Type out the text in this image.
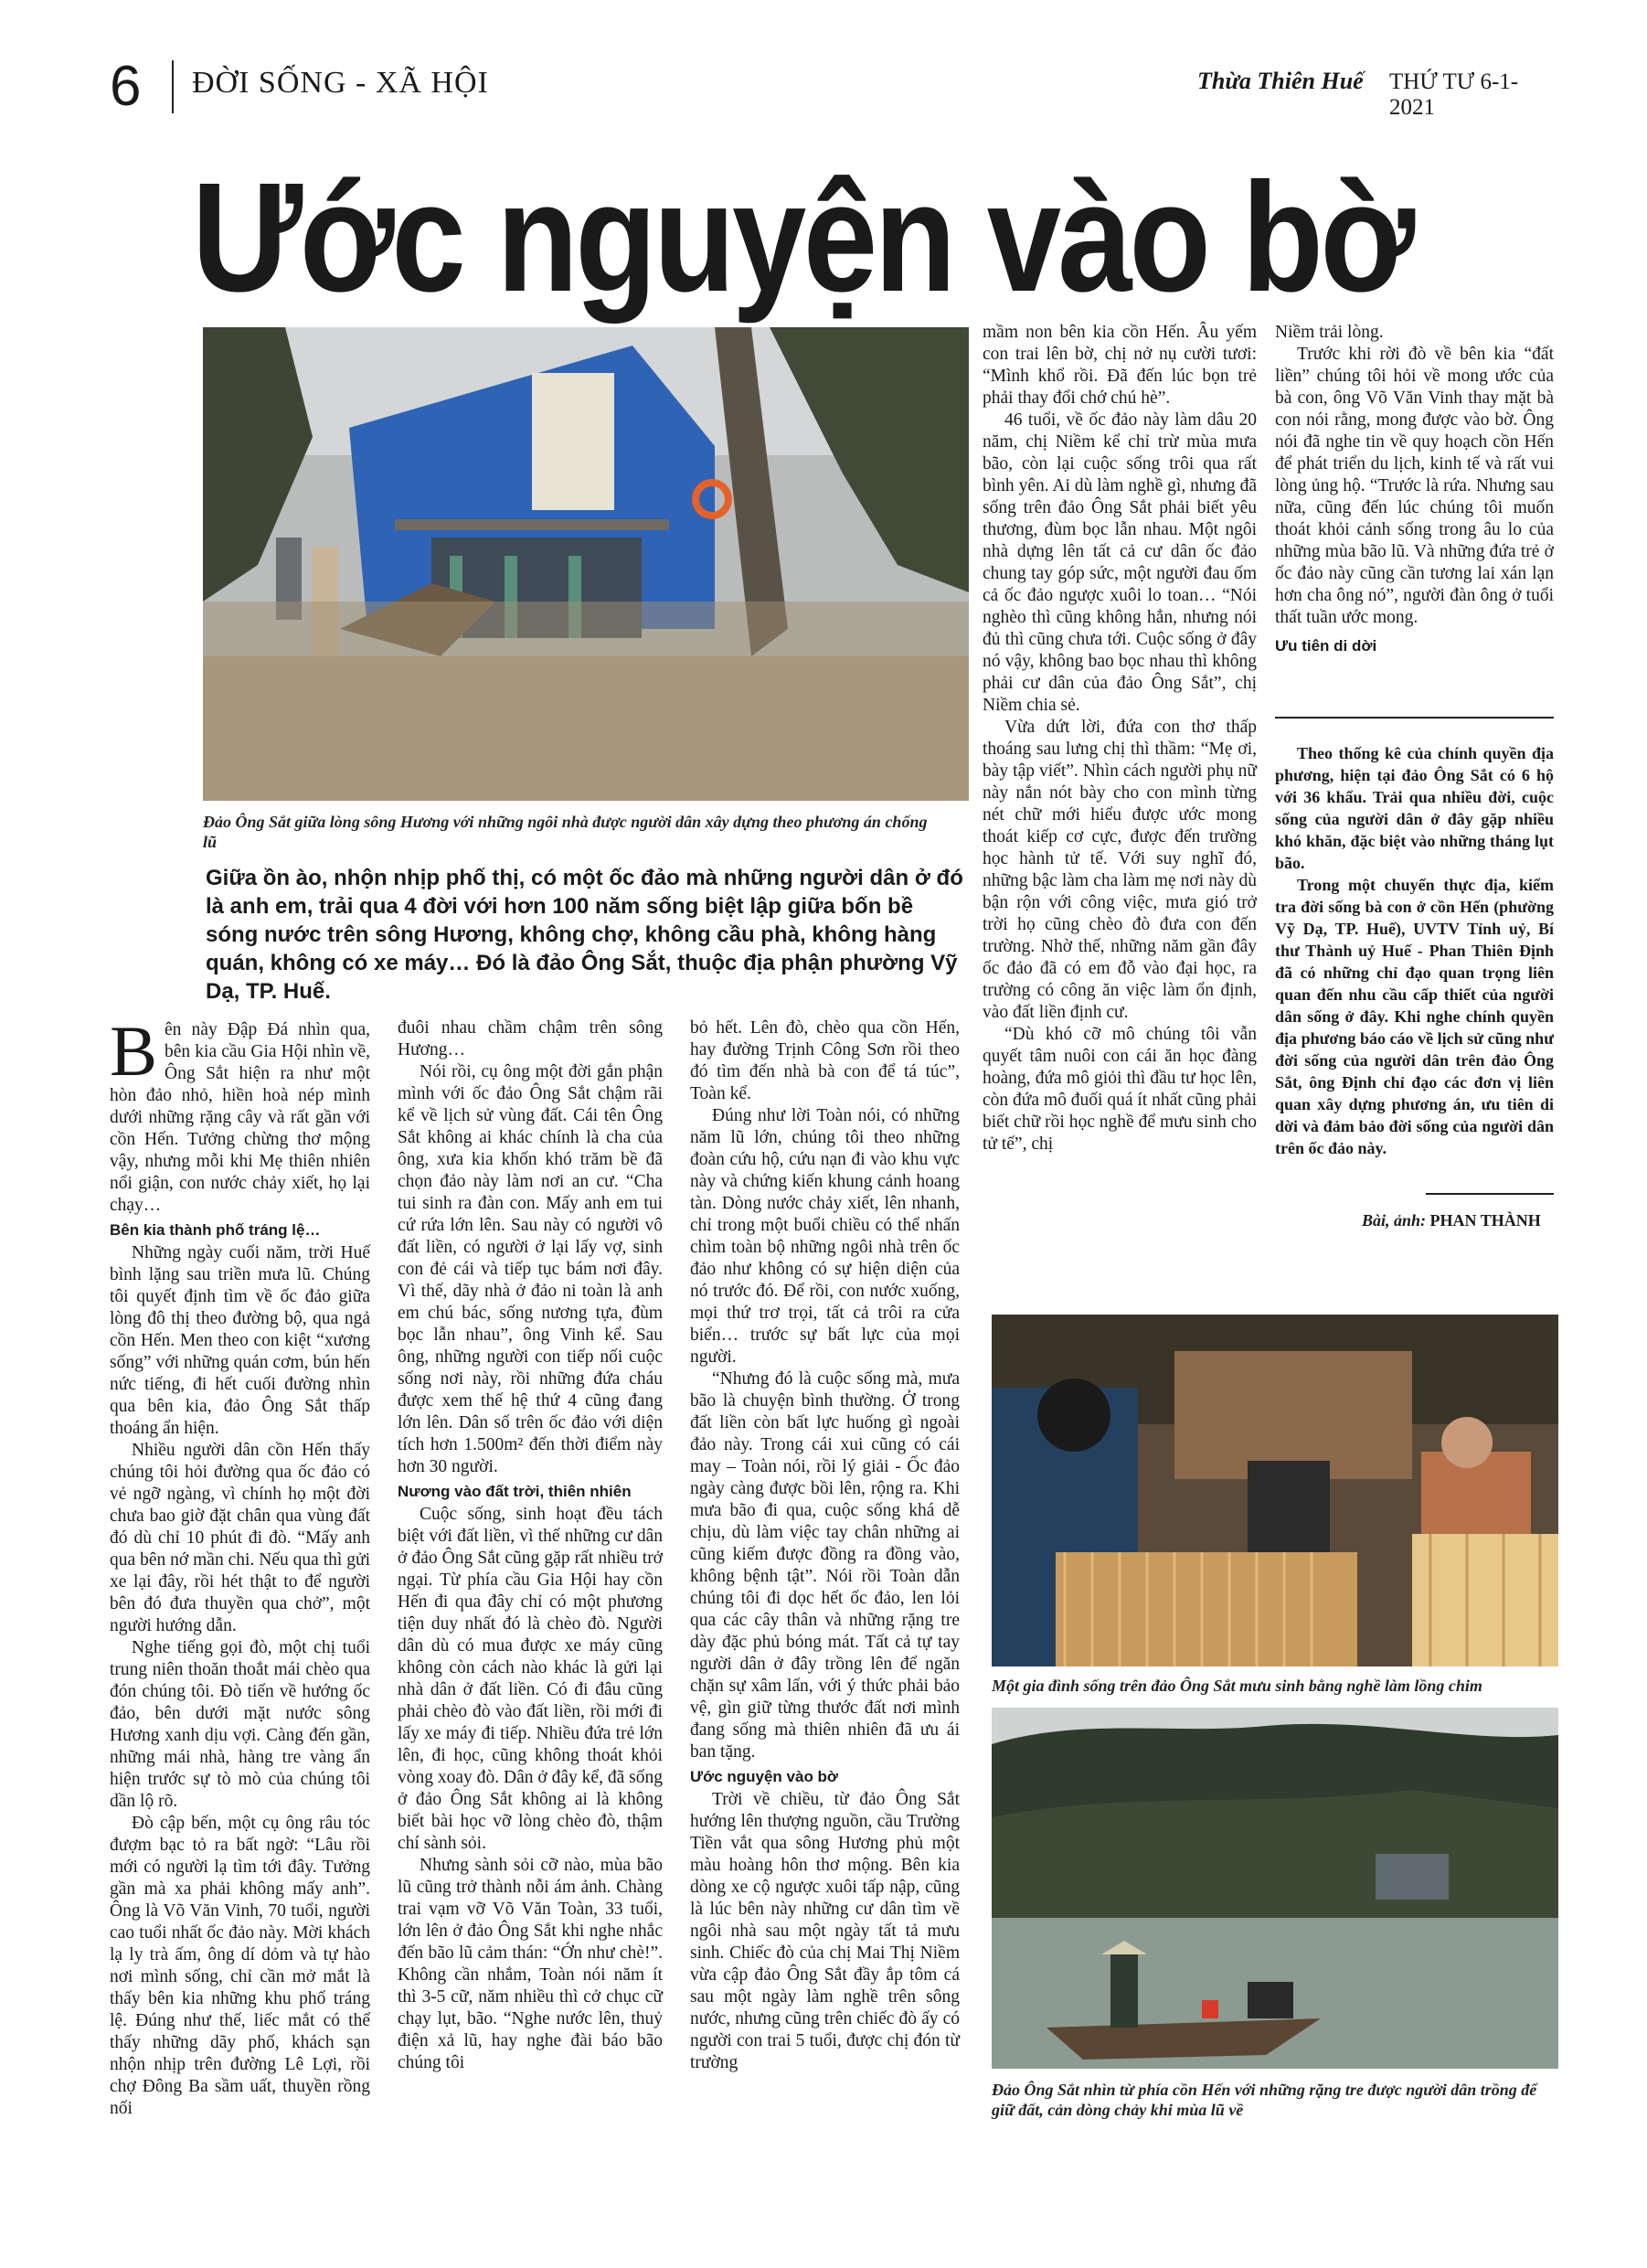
6 ĐỜI SỐNG - XÃ HỘI	Thừa Thiên Huế THỨ TƯ 6-1-2021
Ước nguyện vào bờ
Đảo Ông Sắt giữa lòng sông Hương với những ngôi nhà được người dân xây dựng theo phương án chống lũ
Giữa ồn ào, nhộn nhịp phố thị, có một ốc đảo mà những người dân ở đó là anh em, trải qua 4 đời với hơn 100 năm sống biệt lập giữa bốn bề sóng nước trên sông Hương, không chợ, không cầu phà, không hàng quán, không có xe máy… Đó là đảo Ông Sắt, thuộc địa phận phường Vỹ Dạ, TP. Huế.

Bên này Đập Đá nhìn qua, bên kia cầu Gia Hội nhìn về, Ông Sắt hiện ra như một hòn đảo nhỏ, hiền hoà nép mình dưới những rặng cây và rất gần với cồn Hến. Tưởng chừng thơ mộng vậy, nhưng mỗi khi Mẹ thiên nhiên nổi giận, con nước chảy xiết, họ lại chạy…

Bên kia thành phố tráng lệ…

Những ngày cuối năm, trời Huế bình lặng sau triền mưa lũ. Chúng tôi quyết định tìm về ốc đảo giữa lòng đô thị theo đường bộ, qua ngả cồn Hến. Men theo con kiệt “xương sống” với những quán cơm, bún hến nức tiếng, đi hết cuối đường nhìn qua bên kia, đảo Ông Sắt thấp thoáng ẩn hiện.

Nhiều người dân cồn Hến thấy chúng tôi hỏi đường qua ốc đảo có vẻ ngỡ ngàng, vì chính họ một đời chưa bao giờ đặt chân qua vùng đất đó dù chỉ 10 phút đi đò. “Mấy anh qua bên nớ mần chi. Nếu qua thì gửi xe lại đây, rồi hét thật to để người bên đó đưa thuyền qua chở”, một người hướng dẫn.

Nghe tiếng gọi đò, một chị tuổi trung niên thoăn thoắt mái chèo qua đón chúng tôi. Đò tiến về hướng ốc đảo, bên dưới mặt nước sông Hương xanh dịu vợi. Càng đến gần, những mái nhà, hàng tre vàng ẩn hiện trước sự tò mò của chúng tôi dần lộ rõ.

Đò cập bến, một cụ ông râu tóc đượm bạc tỏ ra bất ngờ: “Lâu rồi mới có người lạ tìm tới đây. Tưởng gần mà xa phải không mấy anh”. Ông là Võ Văn Vinh, 70 tuổi, người cao tuổi nhất ốc đảo này. Mời khách lạ ly trà ấm, ông dí dỏm và tự hào nơi mình sống, chỉ cần mở mắt là thấy bên kia những khu phố tráng lệ. Đúng như thế, liếc mắt có thể thấy những dãy phố, khách sạn nhộn nhịp trên đường Lê Lợi, rồi chợ Đông Ba sầm uất, thuyền rồng nối

đuôi nhau chầm chậm trên sông Hương…

Nói rồi, cụ ông một đời gắn phận mình với ốc đảo Ông Sắt chậm rãi kể về lịch sử vùng đất. Cái tên Ông Sắt không ai khác chính là cha của ông, xưa kia khốn khó trăm bề đã chọn đảo này làm nơi an cư. “Cha tui sinh ra đàn con. Mấy anh em tui cứ rứa lớn lên. Sau này có người vô đất liền, có người ở lại lấy vợ, sinh con đẻ cái và tiếp tục bám nơi đây. Vì thế, dãy nhà ở đảo ni toàn là anh em chú bác, sống nương tựa, đùm bọc lẫn nhau”, ông Vinh kể. Sau ông, những người con tiếp nối cuộc sống nơi này, rồi những đứa cháu được xem thế hệ thứ 4 cũng đang lớn lên. Dân số trên ốc đảo với diện tích hơn 1.500m² đến thời điểm này hơn 30 người.

Nương vào đất trời, thiên nhiên

Cuộc sống, sinh hoạt đều tách biệt với đất liền, vì thế những cư dân ở đảo Ông Sắt cũng gặp rất nhiều trở ngại. Từ phía cầu Gia Hội hay cồn Hến đi qua đây chỉ có một phương tiện duy nhất đó là chèo đò. Người dân dù có mua được xe máy cũng không còn cách nào khác là gửi lại nhà dân ở đất liền. Có đi đâu cũng phải chèo đò vào đất liền, rồi mới đi lấy xe máy đi tiếp. Nhiều đứa trẻ lớn lên, đi học, cũng không thoát khỏi vòng xoay đò. Dân ở đây kể, đã sống ở đảo Ông Sắt không ai là không biết bài học vỡ lòng chèo đò, thậm chí sành sỏi.

Nhưng sành sỏi cỡ nào, mùa bão lũ cũng trở thành nỗi ám ảnh. Chàng trai vạm vỡ Võ Văn Toàn, 33 tuổi, lớn lên ở đảo Ông Sắt khi nghe nhắc đến bão lũ cảm thán: “Ớn như chè!”. Không cần nhắm, Toàn nói năm ít thì 3-5 cữ, năm nhiều thì cở chục cữ chạy lụt, bão. “Nghe nước lên, thuỷ điện xả lũ, hay nghe đài báo bão chúng tôi

bỏ hết. Lên đò, chèo qua cồn Hến, hay đường Trịnh Công Sơn rồi theo đó tìm đến nhà bà con để tá túc”, Toàn kể.

Đúng như lời Toàn nói, có những năm lũ lớn, chúng tôi theo những đoàn cứu hộ, cứu nạn đi vào khu vực này và chứng kiến khung cảnh hoang tàn. Dòng nước chảy xiết, lên nhanh, chỉ trong một buổi chiều có thể nhấn chìm toàn bộ những ngôi nhà trên ốc đảo như không có sự hiện diện của nó trước đó. Để rồi, con nước xuống, mọi thứ trơ trọi, tất cả trôi ra cửa biển… trước sự bất lực của mọi người.

“Nhưng đó là cuộc sống mà, mưa bão là chuyện bình thường. Ở trong đất liền còn bất lực huống gì ngoài đảo này. Trong cái xui cũng có cái may – Toàn nói, rồi lý giải - Ốc đảo ngày càng được bồi lên, rộng ra. Khi mưa bão đi qua, cuộc sống khá dễ chịu, dù làm việc tay chân những ai cũng kiếm được đồng ra đồng vào, không bệnh tật”. Nói rồi Toàn dẫn chúng tôi đi dọc hết ốc đảo, len lỏi qua các cây thân và những rặng tre dày đặc phủ bóng mát. Tất cả tự tay người dân ở đây trồng lên để ngăn chặn sự xâm lấn, với ý thức phải bảo vệ, gìn giữ từng thước đất nơi mình đang sống mà thiên nhiên đã ưu ái ban tặng.

Ước nguyện vào bờ

Trời về chiều, từ đảo Ông Sắt hướng lên thượng nguồn, cầu Trường Tiền vắt qua sông Hương phủ một màu hoàng hôn thơ mộng. Bên kia dòng xe cộ ngược xuôi tấp nập, cũng là lúc bên này những cư dân tìm về ngôi nhà sau một ngày tất tả mưu sinh. Chiếc đò của chị Mai Thị Niềm vừa cập đảo Ông Sắt đầy ắp tôm cá sau một ngày làm nghề trên sông nước, nhưng cũng trên chiếc đò ấy có người con trai 5 tuổi, được chị đón từ trường

mầm non bên kia cồn Hến. Âu yếm con trai lên bờ, chị nở nụ cười tươi: “Mình khổ rồi. Đã đến lúc bọn trẻ phải thay đổi chớ chú hè”.

46 tuổi, về ốc đảo này làm dâu 20 năm, chị Niềm kể chỉ trừ mùa mưa bão, còn lại cuộc sống trôi qua rất bình yên. Ai dù làm nghề gì, nhưng đã sống trên đảo Ông Sắt phải biết yêu thương, đùm bọc lẫn nhau. Một ngôi nhà dựng lên tất cả cư dân ốc đảo chung tay góp sức, một người đau ốm cả ốc đảo ngược xuôi lo toan… “Nói nghèo thì cũng không hẳn, nhưng nói đủ thì cũng chưa tới. Cuộc sống ở đây nó vậy, không bao bọc nhau thì không phải cư dân của đảo Ông Sắt”, chị Niềm chia sẻ.

Vừa dứt lời, đứa con thơ thấp thoáng sau lưng chị thì thầm: “Mẹ ơi, bày tập viết”. Nhìn cách người phụ nữ này nắn nót bày cho con mình từng nét chữ mới hiểu được ước mong thoát kiếp cơ cực, được đến trường học hành tử tế. Với suy nghĩ đó, những bậc làm cha làm mẹ nơi này dù bận rộn với công việc, mưa gió trở trời họ cũng chèo đò đưa con đến trường. Nhờ thế, những năm gần đây ốc đảo đã có em đỗ vào đại học, ra trường có công ăn việc làm ổn định, vào đất liền định cư.

“Dù khó cỡ mô chúng tôi vẫn quyết tâm nuôi con cái ăn học đàng hoàng, đứa mô giỏi thì đầu tư học lên, còn đứa mô đuối quá ít nhất cũng phải biết chữ rồi học nghề để mưu sinh cho tử tế”, chị

Niềm trải lòng.

Trước khi rời đò về bên kia “đất liền” chúng tôi hỏi về mong ước của bà con, ông Võ Văn Vinh thay mặt bà con nói rằng, mong được vào bờ. Ông nói đã nghe tin về quy hoạch cồn Hến để phát triển du lịch, kinh tế và rất vui lòng ủng hộ. “Trước là rứa. Nhưng sau nữa, cũng đến lúc chúng tôi muốn thoát khỏi cảnh sống trong âu lo của những mùa bão lũ. Và những đứa trẻ ở ốc đảo này cũng cần tương lai xán lạn hơn cha ông nó”, người đàn ông ở tuổi thất tuần ước mong.

Ưu tiên di dời

Theo thống kê của chính quyền địa phương, hiện tại đảo Ông Sắt có 6 hộ với 36 khẩu. Trải qua nhiều đời, cuộc sống của người dân ở đây gặp nhiều khó khăn, đặc biệt vào những tháng lụt bão.

Trong một chuyến thực địa, kiểm tra đời sống bà con ở cồn Hến (phường Vỹ Dạ, TP. Huế), UVTV Tỉnh uỷ, Bí thư Thành uỷ Huế - Phan Thiên Định đã có những chỉ đạo quan trọng liên quan đến nhu cầu cấp thiết của người dân sống ở đây. Khi nghe chính quyền địa phương báo cáo về lịch sử cũng như đời sống của người dân trên đảo Ông Sắt, ông Định chỉ đạo các đơn vị liên quan xây dựng phương án, ưu tiên di dời và đảm bảo đời sống của người dân trên ốc đảo này.

Bài, ảnh: PHAN THÀNH
Một gia đình sống trên đảo Ông Sắt mưu sinh bằng nghề làm lồng chim
Đảo Ông Sắt nhìn từ phía cồn Hến với những rặng tre được người dân trồng để giữ đất, cản dòng chảy khi mùa lũ về
